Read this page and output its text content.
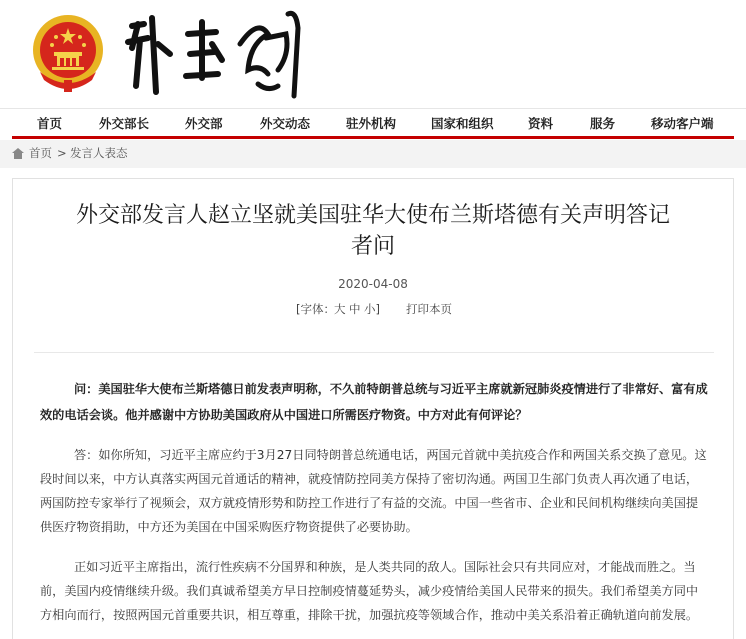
首页	外交部长	外交部	外交动态	驻外机构	国家和组织	资料	服务	移动客户端
首页 > 发言人表态
外交部发言人赵立坚就美国驻华大使布兰斯塔德有关声明答记
者问
2020-04-08
[字体： 大 中 小] 打印本页
问：美国驻华大使布兰斯塔德日前发表声明称，不久前特朗普总统与习近平主席就新冠肺炎疫情进行了非常好、富有成
效的电话会谈。他并感谢中方协助美国政府从中国进口所需医疗物资。中方对此有何评论？
答：如你所知，习近平主席应约于3月27日同特朗普总统通电话，两国元首就中美抗疫合作和两国关系交换了意见。这
段时间以来，中方认真落实两国元首通话的精神，就疫情防控同美方保持了密切沟通。两国卫生部门负责人再次通了电话，
两国防控专家举行了视频会，双方就疫情形势和防控工作进行了有益的交流。中国一些省市、企业和民间机构继续向美国提
供医疗物资捐助，中方还为美国在中国采购医疗物资提供了必要协助。
正如习近平主席指出，流行性疾病不分国界和种族，是人类共同的敌人。国际社会只有共同应对，才能战而胜之。当
前，美国内疫情继续升级。我们真诚希望美方早日控制疫情蔓延势头，减少疫情给美国人民带来的损失。我们希望美方同中
方相向而行，按照两国元首重要共识，相互尊重，排除干扰，加强抗疫等领域合作，推动中美关系沿着正确轨道向前发展。
